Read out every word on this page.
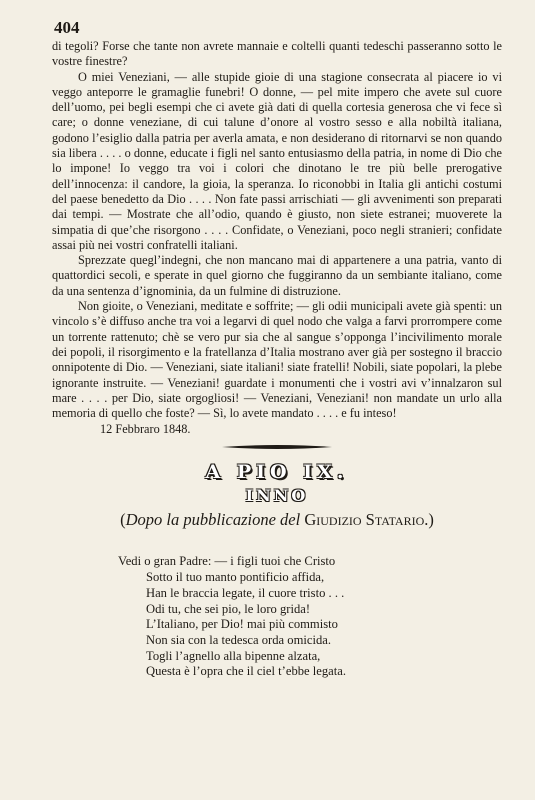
404

di tegoli? Forse che tante non avrete mannaie e coltelli quanti tedeschi passeranno sotto le vostre finestre?

O miei Veneziani, — alle stupide gioie di una stagione consecrata al piacere io vi veggo anteporre le gramaglie funebri! O donne, — pel mite impero che avete sul cuore dell’uomo, pei begli esempi che ci avete già dati di quella cortesia generosa che vi fece sì care; o donne veneziane, di cui talune d’onore al vostro sesso e alla nobiltà italiana, godono l’esiglio dalla patria per averla amata, e non desiderano di ritornarvi se non quando sia libera . . . . o donne, educate i figli nel santo entusiasmo della patria, in nome di Dio che lo impone! Io veggo tra voi i colori che dinotano le tre più belle prerogative dell’innocenza: il candore, la gioia, la speranza. Io riconobbi in Italia gli antichi costumi del paese benedetto da Dio . . . . Non fate passi arrischiati — gli avvenimenti son preparati dai tempi. — Mostrate che all’odio, quando è giusto, non siete estranei; muoverete la simpatia di que’che risorgono . . . . Confidate, o Veneziani, poco negli stranieri; confidate assai più nei vostri confratelli italiani.

Sprezzate quegl’indegni, che non mancano mai di appartenere a una patria, vanto di quattordici secoli, e sperate in quel giorno che fuggiranno da un sembiante italiano, come da una sentenza d’ignominia, da un fulmine di distruzione.

Non gioite, o Veneziani, meditate e soffrite; — gli odii municipali avete già spenti: un vincolo s’è diffuso anche tra voi a legarvi di quel nodo che valga a farvi prorrompere come un torrente rattenuto; chè se vero pur sia che al sangue s’opponga l’incivilimento morale dei popoli, il risorgimento e la fratellanza d’Italia mostrano aver già per sostegno il braccio onnipotente di Dio. — Veneziani, siate italiani! siate fratelli! Nobili, siate popolari, la plebe ignorante instruite. — Veneziani! guardate i monumenti che i vostri avi v’innalzaron sul mare . . . . per Dio, siate orgogliosi! — Veneziani, Veneziani! non mandate un urlo alla memoria di quello che foste? — Sì, lo avete mandato . . . . e fu inteso!

12 Febbraro 1848.
A PIO IX.
INNO
(Dopo la pubblicazione del Giudizio Statario.)
Vedi o gran Padre: — i figli tuoi che Cristo
Sotto il tuo manto pontificio affida,
Han le braccia legate, il cuore tristo . . .
Odi tu, che sei pio, le loro grida!
L’Italiano, per Dio! mai più commisto
Non sia con la tedesca orda omicida.
Togli l’agnello alla bipenne alzata,
Questa è l’opra che il ciel t’ebbe legata.
